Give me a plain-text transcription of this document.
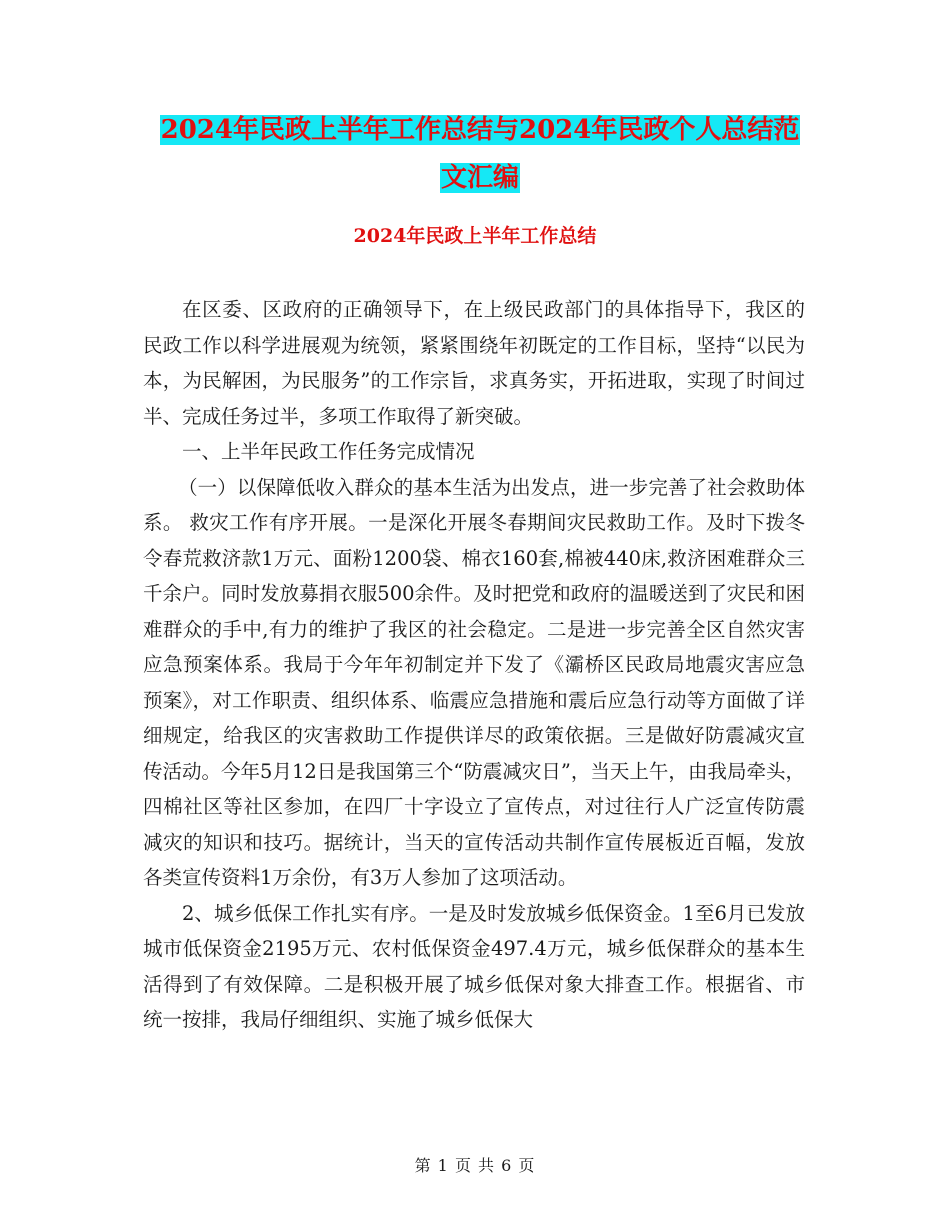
2024年民政上半年工作总结与2024年民政个人总结范
文汇编
2024年民政上半年工作总结

在区委、区政府的正确领导下，在上级民政部门的具体指导下，我区的民政工作以科学进展观为统领，紧紧围绕年初既定的工作目标，坚持“以民为本，为民解困，为民服务”的工作宗旨，求真务实，开拓进取，实现了时间过半、完成任务过半，多项工作取得了新突破。

一、上半年民政工作任务完成情况

（一）以保障低收入群众的基本生活为出发点，进一步完善了社会救助体系。 救灾工作有序开展。一是深化开展冬春期间灾民救助工作。及时下拨冬令春荒救济款1万元、面粉1200袋、棉衣160套,棉被440床,救济困难群众三千余户。同时发放募捐衣服500余件。及时把党和政府的温暖送到了灾民和困难群众的手中,有力的维护了我区的社会稳定。二是进一步完善全区自然灾害应急预案体系。我局于今年年初制定并下发了《灞桥区民政局地震灾害应急预案》，对工作职责、组织体系、临震应急措施和震后应急行动等方面做了详细规定，给我区的灾害救助工作提供详尽的政策依据。三是做好防震减灾宣传活动。今年5月12日是我国第三个“防震减灾日”，当天上午，由我局牵头，四棉社区等社区参加，在四厂十字设立了宣传点，对过往行人广泛宣传防震减灾的知识和技巧。据统计，当天的宣传活动共制作宣传展板近百幅，发放各类宣传资料1万余份，有3万人参加了这项活动。

2、城乡低保工作扎实有序。一是及时发放城乡低保资金。1至6月已发放城市低保资金2195万元、农村低保资金497.4万元，城乡低保群众的基本生活得到了有效保障。二是积极开展了城乡低保对象大排查工作。根据省、市统一按排，我局仔细组织、实施了城乡低保大

第 1 页 共 6 页
